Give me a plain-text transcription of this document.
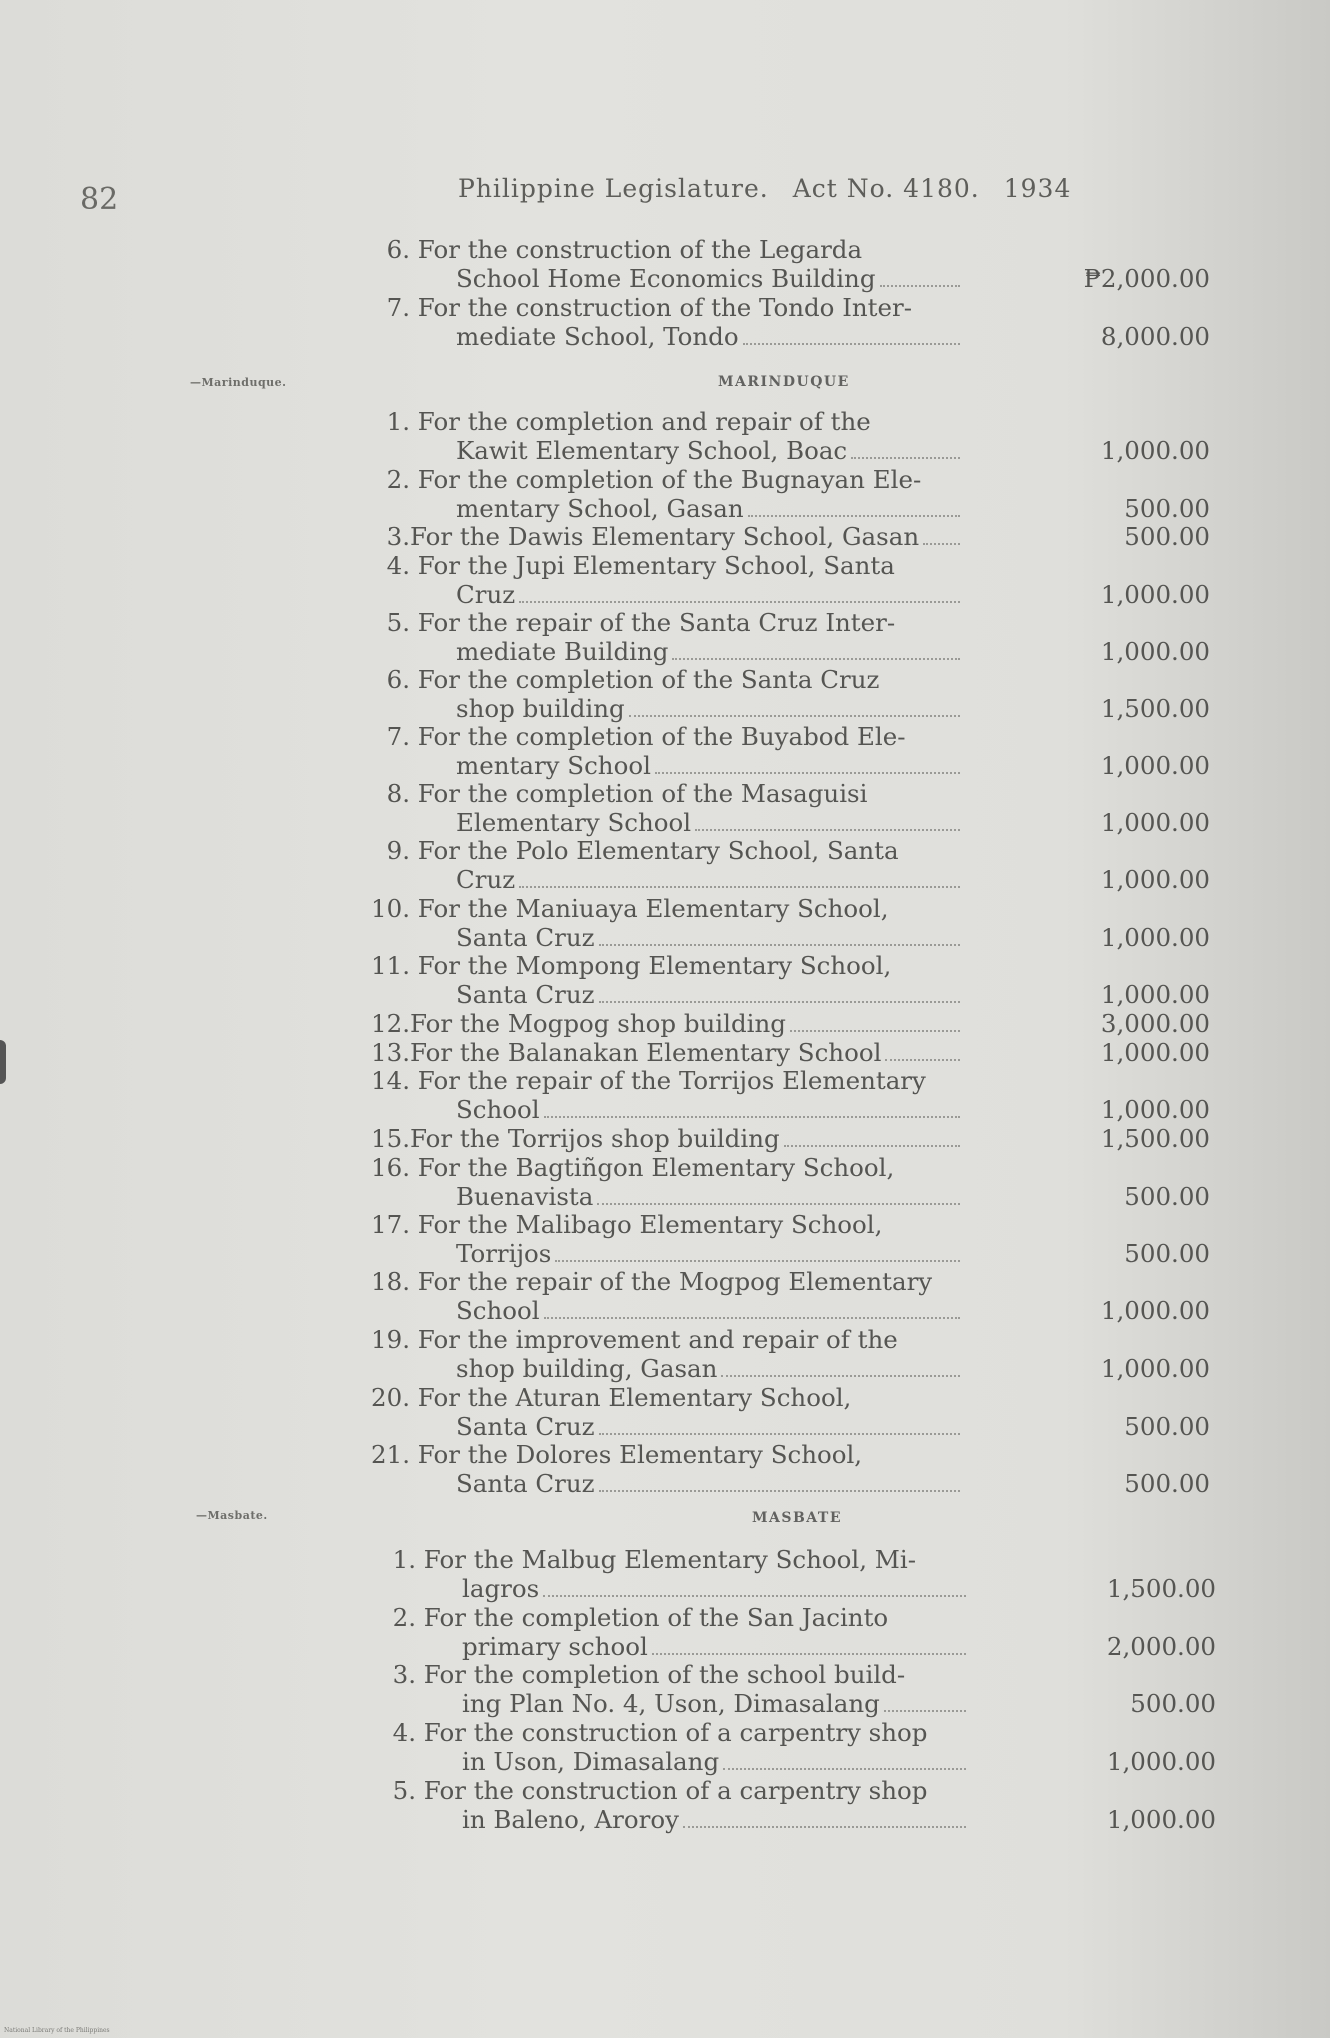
82	Philippine Legislature. Act No. 4180. 1934
6. For the construction of the Legarda
School Home Economics Building	₱2,000.00
7. For the construction of the Tondo Inter-
mediate School, Tondo	8,000.00
—Marinduque.	MARINDUQUE
1. For the completion and repair of the
Kawit Elementary School, Boac	1,000.00
2. For the completion of the Bugnayan Ele-
mentary School, Gasan	500.00
3. For the Dawis Elementary School, Gasan	500.00
4. For the Jupi Elementary School, Santa
Cruz	1,000.00
5. For the repair of the Santa Cruz Inter-
mediate Building	1,000.00
6. For the completion of the Santa Cruz
shop building	1,500.00
7. For the completion of the Buyabod Ele-
mentary School	1,000.00
8. For the completion of the Masaguisi
Elementary School	1,000.00
9. For the Polo Elementary School, Santa
Cruz	1,000.00
10. For the Maniuaya Elementary School,
Santa Cruz	1,000.00
11. For the Mompong Elementary School,
Santa Cruz	1,000.00
12. For the Mogpog shop building	3,000.00
13. For the Balanakan Elementary School	1,000.00
14. For the repair of the Torrijos Elementary
School	1,000.00
15. For the Torrijos shop building	1,500.00
16. For the Bagtiñgon Elementary School,
Buenavista	500.00
17. For the Malibago Elementary School,
Torrijos	500.00
18. For the repair of the Mogpog Elementary
School	1,000.00
19. For the improvement and repair of the
shop building, Gasan	1,000.00
20. For the Aturan Elementary School,
Santa Cruz	500.00
21. For the Dolores Elementary School,
Santa Cruz	500.00
—Masbate.	MASBATE
1. For the Malbug Elementary School, Mi-
lagros	1,500.00
2. For the completion of the San Jacinto
primary school	2,000.00
3. For the completion of the school build-
ing Plan No. 4, Uson, Dimasalang	500.00
4. For the construction of a carpentry shop
in Uson, Dimasalang	1,000.00
5. For the construction of a carpentry shop
in Baleno, Aroroy	1,000.00
National Library of the Philippines
